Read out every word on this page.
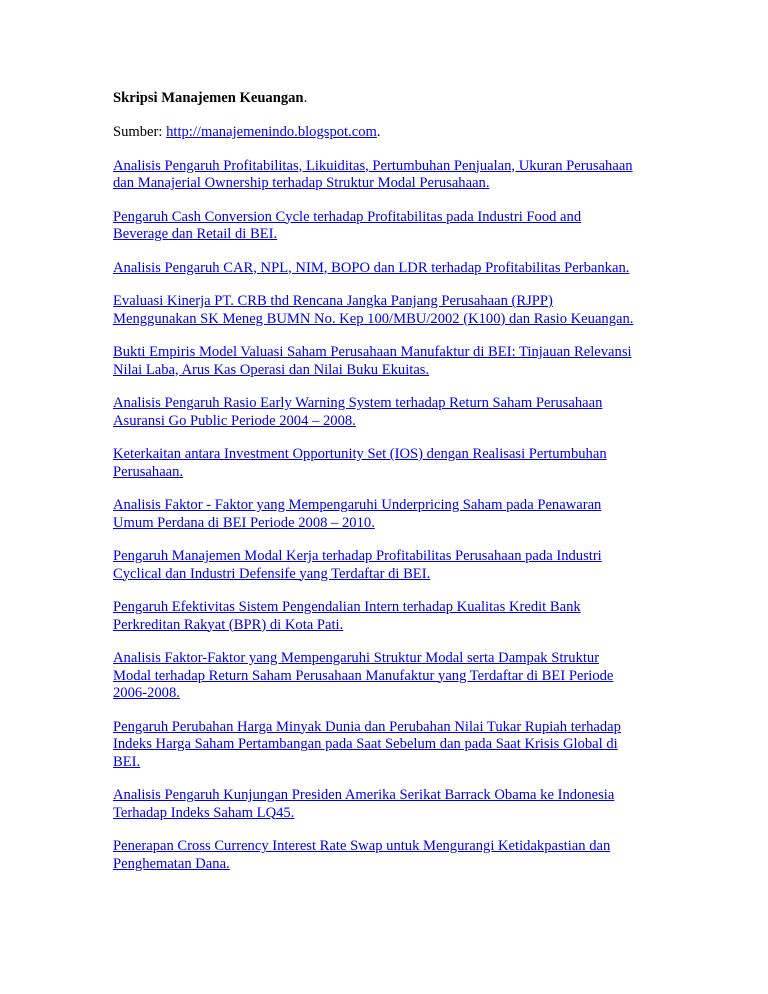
Skripsi Manajemen Keuangan.
Sumber: http://manajemenindo.blogspot.com.
Analisis Pengaruh Profitabilitas, Likuiditas, Pertumbuhan Penjualan, Ukuran Perusahaan
dan Manajerial Ownership terhadap Struktur Modal Perusahaan.
Pengaruh Cash Conversion Cycle terhadap Profitabilitas pada Industri Food and
Beverage dan Retail di BEI.
Analisis Pengaruh CAR, NPL, NIM, BOPO dan LDR terhadap Profitabilitas Perbankan.
Evaluasi Kinerja PT. CRB thd Rencana Jangka Panjang Perusahaan (RJPP)
Menggunakan SK Meneg BUMN No. Kep 100/MBU/2002 (K100) dan Rasio Keuangan.
Bukti Empiris Model Valuasi Saham Perusahaan Manufaktur di BEI: Tinjauan Relevansi
Nilai Laba, Arus Kas Operasi dan Nilai Buku Ekuitas.
Analisis Pengaruh Rasio Early Warning System terhadap Return Saham Perusahaan
Asuransi Go Public Periode 2004 – 2008.
Keterkaitan antara Investment Opportunity Set (IOS) dengan Realisasi Pertumbuhan
Perusahaan.
Analisis Faktor - Faktor yang Mempengaruhi Underpricing Saham pada Penawaran
Umum Perdana di BEI Periode 2008 – 2010.
Pengaruh Manajemen Modal Kerja terhadap Profitabilitas Perusahaan pada Industri
Cyclical dan Industri Defensife yang Terdaftar di BEI.
Pengaruh Efektivitas Sistem Pengendalian Intern terhadap Kualitas Kredit Bank
Perkreditan Rakyat (BPR) di Kota Pati.
Analisis Faktor-Faktor yang Mempengaruhi Struktur Modal serta Dampak Struktur
Modal terhadap Return Saham Perusahaan Manufaktur yang Terdaftar di BEI Periode
2006-2008.
Pengaruh Perubahan Harga Minyak Dunia dan Perubahan Nilai Tukar Rupiah terhadap
Indeks Harga Saham Pertambangan pada Saat Sebelum dan pada Saat Krisis Global di
BEI.
Analisis Pengaruh Kunjungan Presiden Amerika Serikat Barrack Obama ke Indonesia
Terhadap Indeks Saham LQ45.
Penerapan Cross Currency Interest Rate Swap untuk Mengurangi Ketidakpastian dan
Penghematan Dana.
